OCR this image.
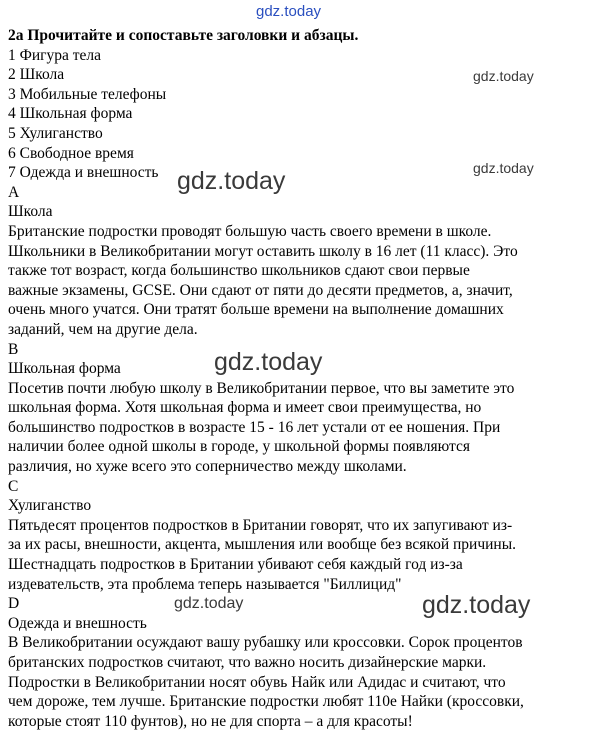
gdz.today
gdz.today
gdz.today
gdz.today
gdz.today
gdz.today	gdz.today
2а Прочитайте и сопоставьте заголовки и абзацы.
1 Фигура тела
2 Школа
3 Мобильные телефоны
4 Школьная форма
5 Хулиганство
6 Свободное время
7 Одежда и внешность
A
Школа
Британские подростки проводят большую часть своего времени в школе.
Школьники в Великобритании могут оставить школу в 16 лет (11 класс). Это
также тот возраст, когда большинство школьников сдают свои первые
важные экзамены, GCSE. Они сдают от пяти до десяти предметов, а, значит,
очень много учатся. Они тратят больше времени на выполнение домашних
заданий, чем на другие дела.
B
Школьная форма
Посетив почти любую школу в Великобритании первое, что вы заметите это
школьная форма. Хотя школьная форма и имеет свои преимущества, но
большинство подростков в возрасте 15 - 16 лет устали от ее ношения. При
наличии более одной школы в городе, у школьной формы появляются
различия, но хуже всего это соперничество между школами.
C
Хулиганство
Пятьдесят процентов подростков в Британии говорят, что их запугивают из-
за их расы, внешности, акцента, мышления или вообще без всякой причины.
Шестнадцать подростков в Британии убивают себя каждый год из-за
издевательств, эта проблема теперь называется "Биллицид"
D
Одежда и внешность
В Великобритании осуждают вашу рубашку или кроссовки. Сорок процентов
британских подростков считают, что важно носить дизайнерские марки.
Подростки в Великобритании носят обувь Найк или Адидас и считают, что
чем дороже, тем лучше. Британские подростки любят 110е Найки (кроссовки,
которые стоят 110 фунтов), но не для спорта – а для красоты!
